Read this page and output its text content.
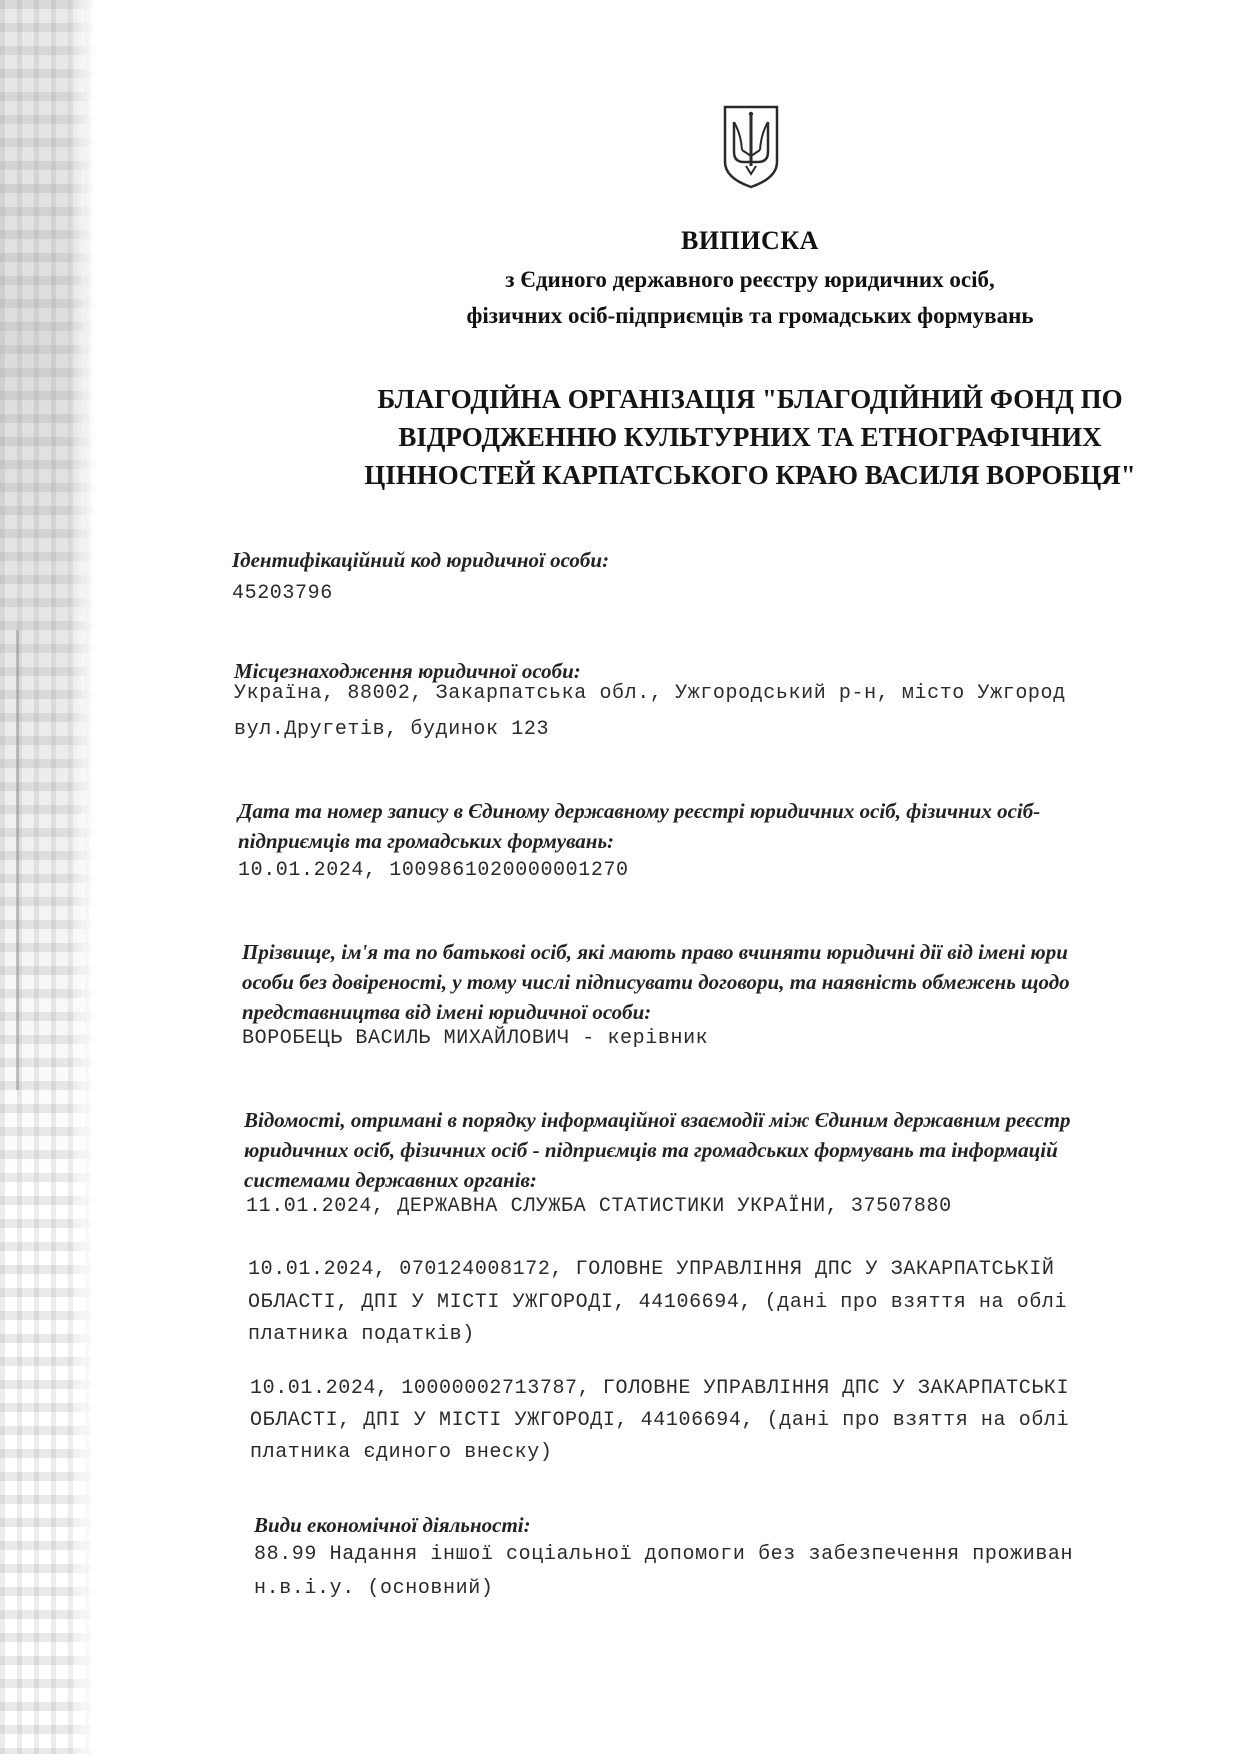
ВИПИСКА
з Єдиного державного реєстру юридичних осіб,
фізичних осіб-підприємців та громадських формувань
БЛАГОДІЙНА ОРГАНІЗАЦІЯ "БЛАГОДІЙНИЙ ФОНД ПО
ВІДРОДЖЕННЮ КУЛЬТУРНИХ ТА ЕТНОГРАФІЧНИХ
ЦІННОСТЕЙ КАРПАТСЬКОГО КРАЮ ВАСИЛЯ ВОРОБЦЯ"
Ідентифікаційний код юридичної особи:
45203796
Місцезнаходження юридичної особи:
Україна, 88002, Закарпатська обл., Ужгородський р-н, місто Ужгород
вул.Другетів, будинок 123
Дата та номер запису в Єдиному державному реєстрі юридичних осіб, фізичних осіб-
підприємців та громадських формувань:
10.01.2024, 1009861020000001270
Прізвище, ім'я та по батькові осіб, які мають право вчиняти юридичні дії від імені юри
особи без довіреності, у тому числі підписувати договори, та наявність обмежень щодо
представництва від імені юридичної особи:
ВОРОБЕЦЬ ВАСИЛЬ МИХАЙЛОВИЧ - керівник
Відомості, отримані в порядку інформаційної взаємодії між Єдиним державним реєстр
юридичних осіб, фізичних осіб - підприємців та громадських формувань та інформацій
системами державних органів:
11.01.2024, ДЕРЖАВНА СЛУЖБА СТАТИСТИКИ УКРАЇНИ, 37507880
10.01.2024, 070124008172, ГОЛОВНЕ УПРАВЛІННЯ ДПС У ЗАКАРПАТСЬКІЙ
ОБЛАСТІ, ДПІ У МІСТІ УЖГОРОДІ, 44106694, (дані про взяття на облі
платника податків)
10.01.2024, 10000002713787, ГОЛОВНЕ УПРАВЛІННЯ ДПС У ЗАКАРПАТСЬКІ
ОБЛАСТІ, ДПІ У МІСТІ УЖГОРОДІ, 44106694, (дані про взяття на облі
платника єдиного внеску)
Види економічної діяльності:
88.99 Надання іншої соціальної допомоги без забезпечення проживан
н.в.і.у. (основний)
